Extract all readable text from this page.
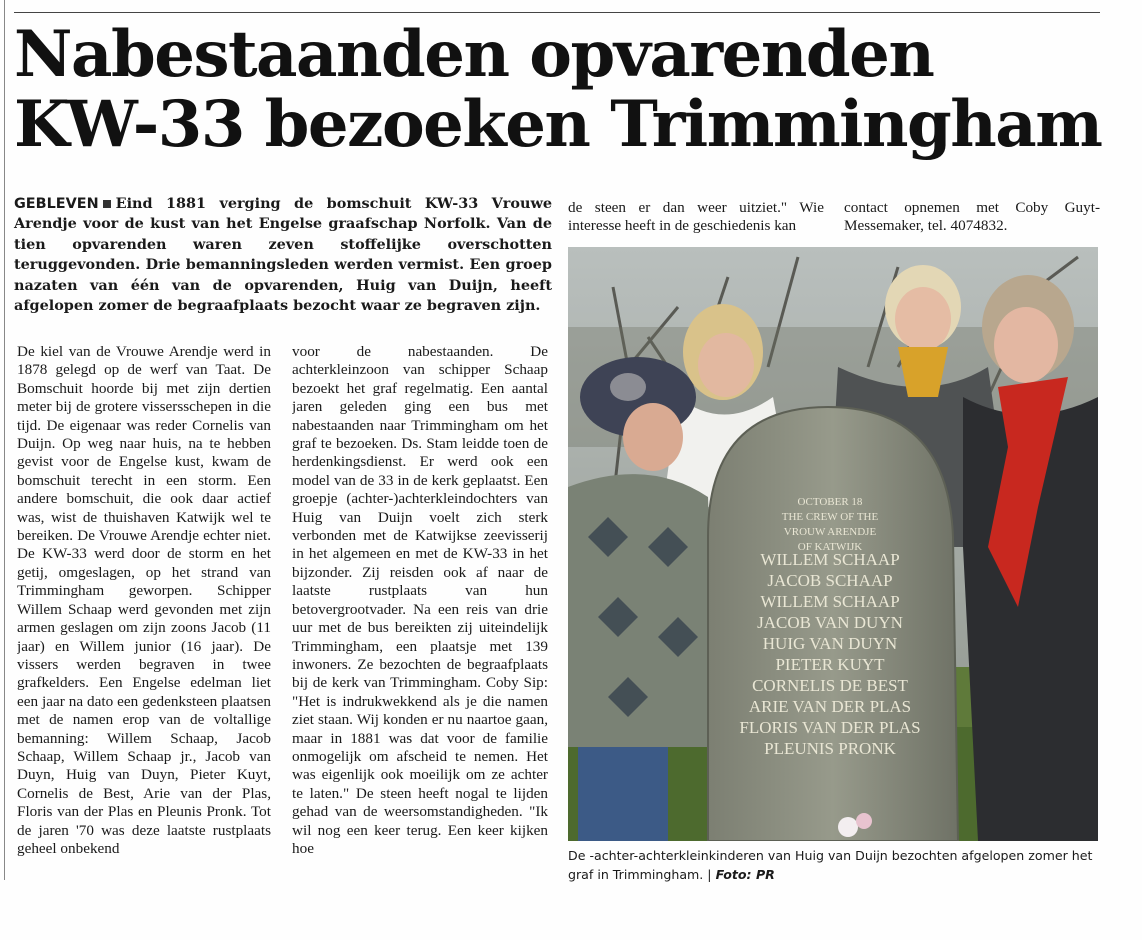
Nabestaanden opvarenden
KW-33 bezoeken Trimmingham

GEBLEVEN Eind 1881 verging de bomschuit KW-33 Vrouwe Arendje voor de kust van het Engelse graafschap Norfolk. Van de tien opvarenden waren zeven stoffelijke overschotten teruggevonden. Drie bemanningsleden werden vermist. Een groep nazaten van één van de opvarenden, Huig van Duijn, heeft afgelopen zomer de begraafplaats bezocht waar ze begraven zijn.

De kiel van de Vrouwe Arendje werd in 1878 gelegd op de werf van Taat. De Bomschuit hoorde bij met zijn dertien meter bij de grotere vissersschepen in die tijd. De eigenaar was reder Cornelis van Duijn. Op weg naar huis, na te hebben gevist voor de Engelse kust, kwam de bomschuit terecht in een storm. Een andere bomschuit, die ook daar actief was, wist de thuishaven Katwijk wel te bereiken. De Vrouwe Arendje echter niet. De KW-33 werd door de storm en het getij, omgeslagen, op het strand van Trimmingham geworpen. Schipper Willem Schaap werd gevonden met zijn armen geslagen om zijn zoons Jacob (11 jaar) en Willem junior (16 jaar). De vissers werden begraven in twee grafkelders. Een Engelse edelman liet een jaar na dato een gedenksteen plaatsen met de namen erop van de voltallige bemanning: Willem Schaap, Jacob Schaap, Willem Schaap jr., Jacob van Duyn, Huig van Duyn, Pieter Kuyt, Cornelis de Best, Arie van der Plas, Floris van der Plas en Pleunis Pronk. Tot de jaren '70 was deze laatste rustplaats geheel onbekend

voor de nabestaanden. De achterkleinzoon van schipper Schaap bezoekt het graf regelmatig. Een aantal jaren geleden ging een bus met nabestaanden naar Trimmingham om het graf te bezoeken. Ds. Stam leidde toen de herdenkingsdienst. Er werd ook een model van de 33 in de kerk geplaatst. Een groepje (achter-)achterkleindochters van Huig van Duijn voelt zich sterk verbonden met de Katwijkse zeevisserij in het algemeen en met de KW-33 in het bijzonder. Zij reisden ook af naar de laatste rustplaats van hun betovergrootvader. Na een reis van drie uur met de bus bereikten zij uiteindelijk Trimmingham, een plaatsje met 139 inwoners. Ze bezochten de begraafplaats bij de kerk van Trimmingham. Coby Sip: "Het is indrukwekkend als je die namen ziet staan. Wij konden er nu naartoe gaan, maar in 1881 was dat voor de familie onmogelijk om afscheid te nemen. Het was eigenlijk ook moeilijk om ze achter te laten." De steen heeft nogal te lijden gehad van de weersomstandigheden. "Ik wil nog een keer terug. Een keer kijken hoe

de steen er dan weer uitziet." Wie interesse heeft in de geschiedenis kan

contact opnemen met Coby Guyt-Messemaker, tel. 4074832.

OCTOBER 18
THE CREW OF THE
VROUW ARENDJE
OF KATWIJK
WILLEM SCHAAP
JACOB SCHAAP
WILLEM SCHAAP
JACOB VAN DUYN
HUIG VAN DUYN
PIETER KUYT
CORNELIS DE BEST
ARIE VAN DER PLAS
FLORIS VAN DER PLAS
PLEUNIS PRONK

De -achter-achterkleinkinderen van Huig van Duijn bezochten afgelopen zomer het graf in Trimmingham. | Foto: PR
